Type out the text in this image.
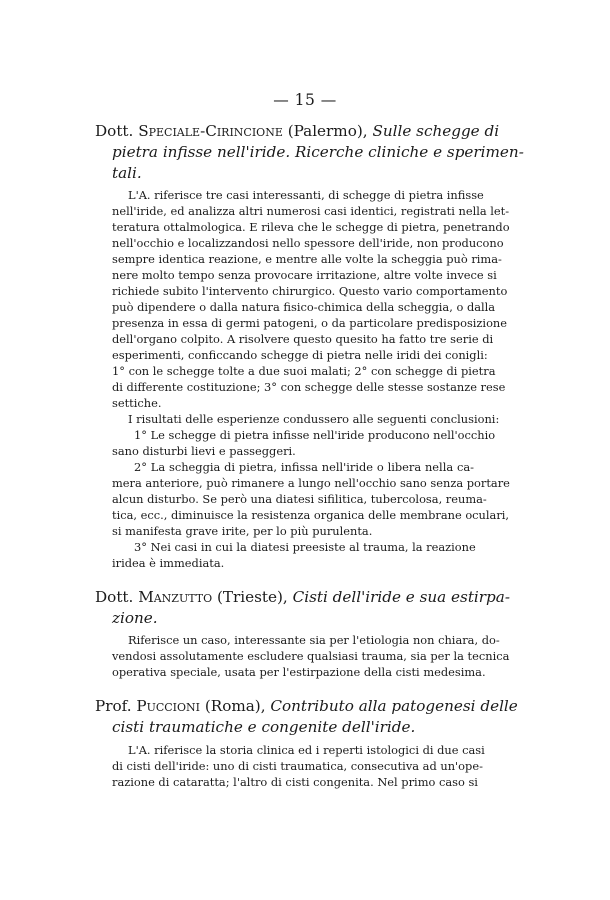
— 15 —
Dott. Speciale-Cirincione (Palermo), Sulle schegge di
pietra infisse nell'iride. Ricerche cliniche e sperimen-
tali.
L'A. riferisce tre casi interessanti, di schegge di pietra infisse
nell'iride, ed analizza altri numerosi casi identici, registrati nella let-
teratura ottalmologica. E rileva che le schegge di pietra, penetrando
nell'occhio e localizzandosi nello spessore dell'iride, non producono
sempre identica reazione, e mentre alle volte la scheggia può rima-
nere molto tempo senza provocare irritazione, altre volte invece si
richiede subito l'intervento chirurgico. Questo vario comportamento
può dipendere o dalla natura fisico-chimica della scheggia, o dalla
presenza in essa di germi patogeni, o da particolare predisposizione
dell'organo colpito. A risolvere questo quesito ha fatto tre serie di
esperimenti, conficcando schegge di pietra nelle iridi dei conigli:
1° con le schegge tolte a due suoi malati; 2° con schegge di pietra
di differente costituzione; 3° con schegge delle stesse sostanze rese
settiche.
I risultati delle esperienze condussero alle seguenti conclusioni:
1° Le schegge di pietra infisse nell'iride producono nell'occhio
sano disturbi lievi e passeggeri.
2° La scheggia di pietra, infissa nell'iride o libera nella ca-
mera anteriore, può rimanere a lungo nell'occhio sano senza portare
alcun disturbo. Se però una diatesi sifilitica, tubercolosa, reuma-
tica, ecc., diminuisce la resistenza organica delle membrane oculari,
si manifesta grave irite, per lo più purulenta.
3° Nei casi in cui la diatesi preesiste al trauma, la reazione
iridea è immediata.
Dott. Manzutto (Trieste), Cisti dell'iride e sua estirpa-
zione.
Riferisce un caso, interessante sia per l'etiologia non chiara, do-
vendosi assolutamente escludere qualsiasi trauma, sia per la tecnica
operativa speciale, usata per l'estirpazione della cisti medesima.
Prof. Puccioni (Roma), Contributo alla patogenesi delle
cisti traumatiche e congenite dell'iride.
L'A. riferisce la storia clinica ed i reperti istologici di due casi
di cisti dell'iride: uno di cisti traumatica, consecutiva ad un'ope-
razione di cataratta; l'altro di cisti congenita. Nel primo caso si
